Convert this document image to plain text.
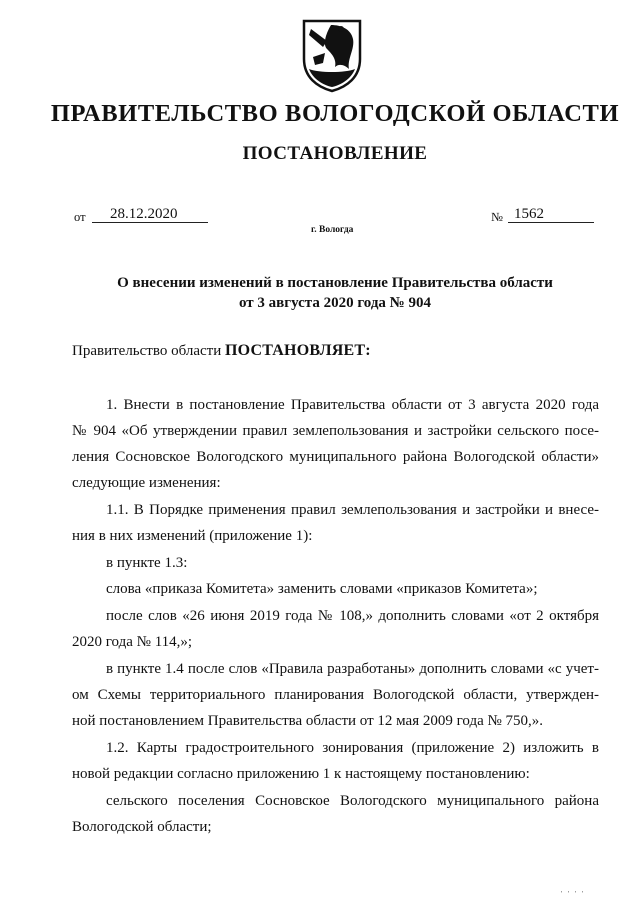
ПРАВИТЕЛЬСТВО ВОЛОГОДСКОЙ ОБЛАСТИ
ПОСТАНОВЛЕНИЕ
от	28.12.2020	№ 1562
г. Вологда
О внесении изменений в постановление Правительства области
от 3 августа 2020 года № 904
Правительство области ПОСТАНОВЛЯЕТ:
1. Внести в постановление Правительства области от 3 августа 2020 года
№ 904 «Об утверждении правил землепользования и застройки сельского посе-
ления Сосновское Вологодского муниципального района Вологодской области»
следующие изменения:
1.1. В Порядке применения правил землепользования и застройки и внесе-
ния в них изменений (приложение 1):
в пункте 1.3:
слова «приказа Комитета» заменить словами «приказов Комитета»;
после слов «26 июня 2019 года № 108,» дополнить словами «от 2 октября
2020 года № 114,»;
в пункте 1.4 после слов «Правила разработаны» дополнить словами «с учет-
ом Схемы территориального планирования Вологодской области, утвержден-
ной постановлением Правительства области от 12 мая 2009 года № 750,».
1.2. Карты градостроительного зонирования (приложение 2) изложить в
новой редакции согласно приложению 1 к настоящему постановлению:
сельского поселения Сосновское Вологодского муниципального района
Вологодской области;
' ' ' '
